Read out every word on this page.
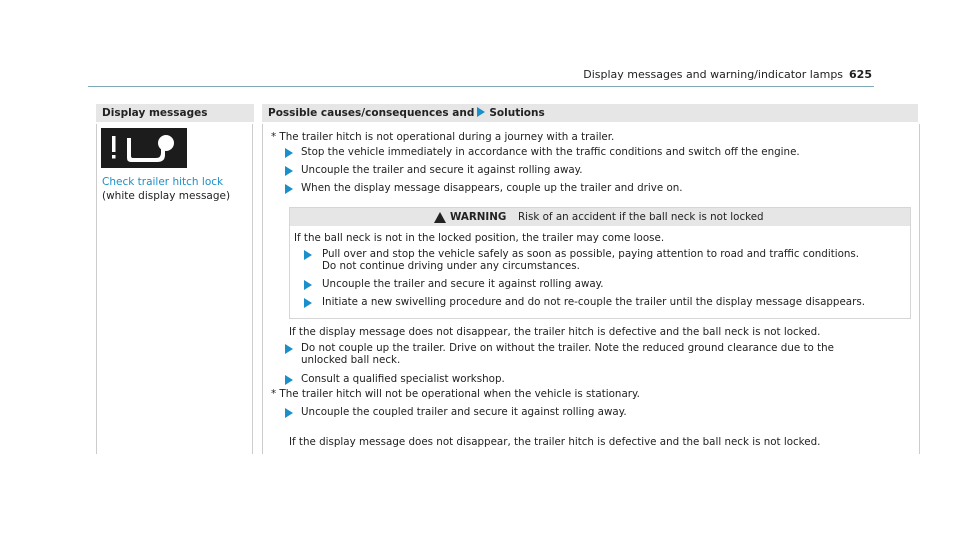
Display messages and warning/indicator lamps 625
Display messages	Possible causes/consequences and Solutions
Check trailer hitch lock
(white display message)
* The trailer hitch is not operational during a journey with a trailer.
Stop the vehicle immediately in accordance with the traffic conditions and switch off the engine.
Uncouple the trailer and secure it against rolling away.
When the display message disappears, couple up the trailer and drive on.
WARNING Risk of an accident if the ball neck is not locked
If the ball neck is not in the locked position, the trailer may come loose.
Pull over and stop the vehicle safely as soon as possible, paying attention to road and traffic conditions.
Do not continue driving under any circumstances.
Uncouple the trailer and secure it against rolling away.
Initiate a new swivelling procedure and do not re-couple the trailer until the display message disappears.
If the display message does not disappear, the trailer hitch is defective and the ball neck is not locked.
Do not couple up the trailer. Drive on without the trailer. Note the reduced ground clearance due to the
unlocked ball neck.
Consult a qualified specialist workshop.
* The trailer hitch will not be operational when the vehicle is stationary.
Uncouple the coupled trailer and secure it against rolling away.
If the display message does not disappear, the trailer hitch is defective and the ball neck is not locked.
